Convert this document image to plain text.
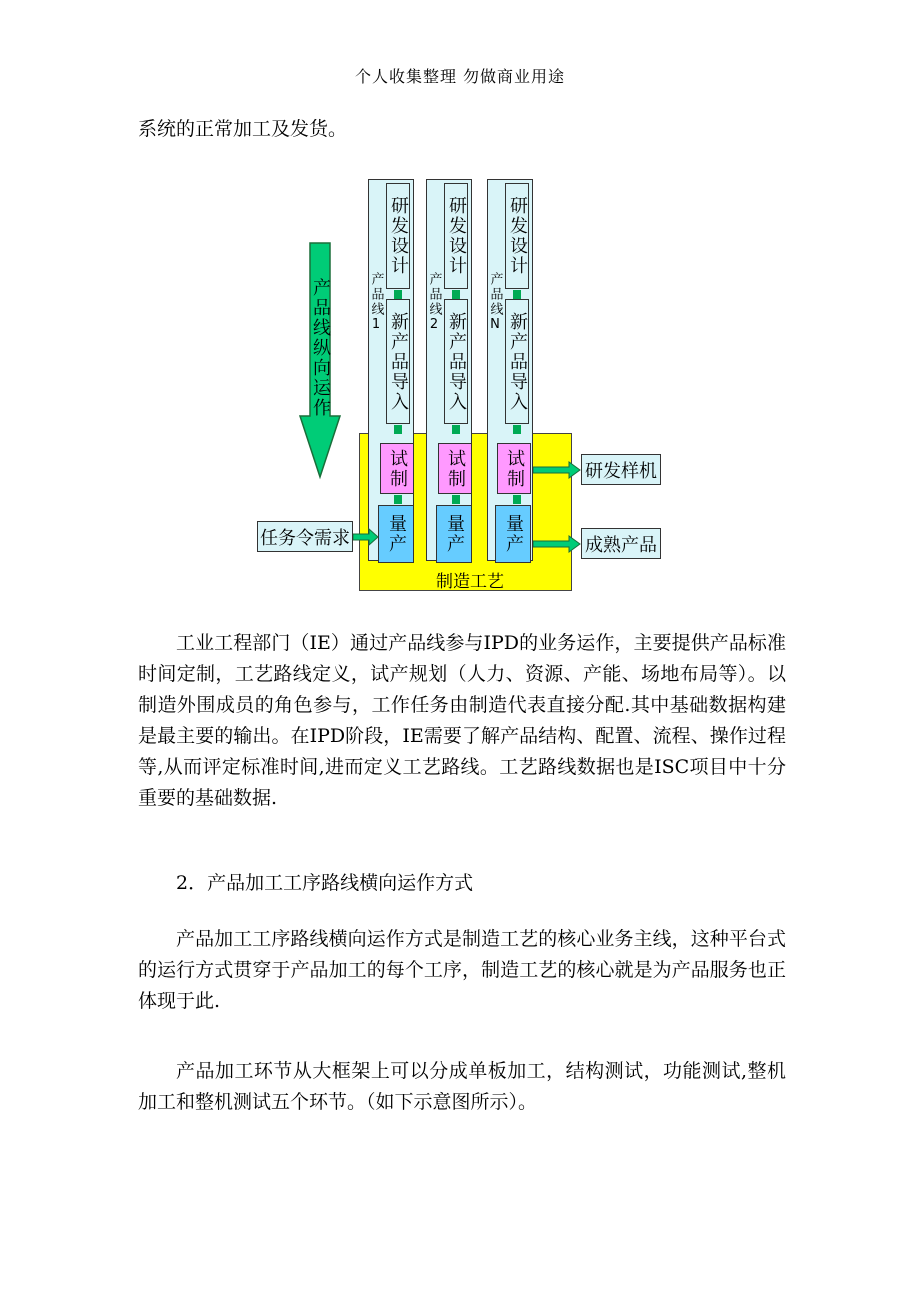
个人收集整理 勿做商业用途

系统的正常加工及发货。

产品线纵向运作	产品线1
研发设计
新产品导入
试制
量产
产品线2
研发设计
新产品导入
试制
量产
产品线N
研发设计
新产品导入
试制
量产
制造工艺
任务令需求
研发样机
成熟产品

工业工程部门（IE）通过产品线参与IPD的业务运作，主要提供产品标准时间定制，工艺路线定义，试产规划（人力、资源、产能、场地布局等）。以制造外围成员的角色参与，工作任务由制造代表直接分配.其中基础数据构建是最主要的输出。在IPD阶段，IE需要了解产品结构、配置、流程、操作过程等,从而评定标准时间,进而定义工艺路线。工艺路线数据也是ISC项目中十分重要的基础数据.

2．产品加工工序路线横向运作方式

产品加工工序路线横向运作方式是制造工艺的核心业务主线，这种平台式的运行方式贯穿于产品加工的每个工序，制造工艺的核心就是为产品服务也正体现于此.

产品加工环节从大框架上可以分成单板加工，结构测试，功能测试,整机加工和整机测试五个环节。（如下示意图所示）。
